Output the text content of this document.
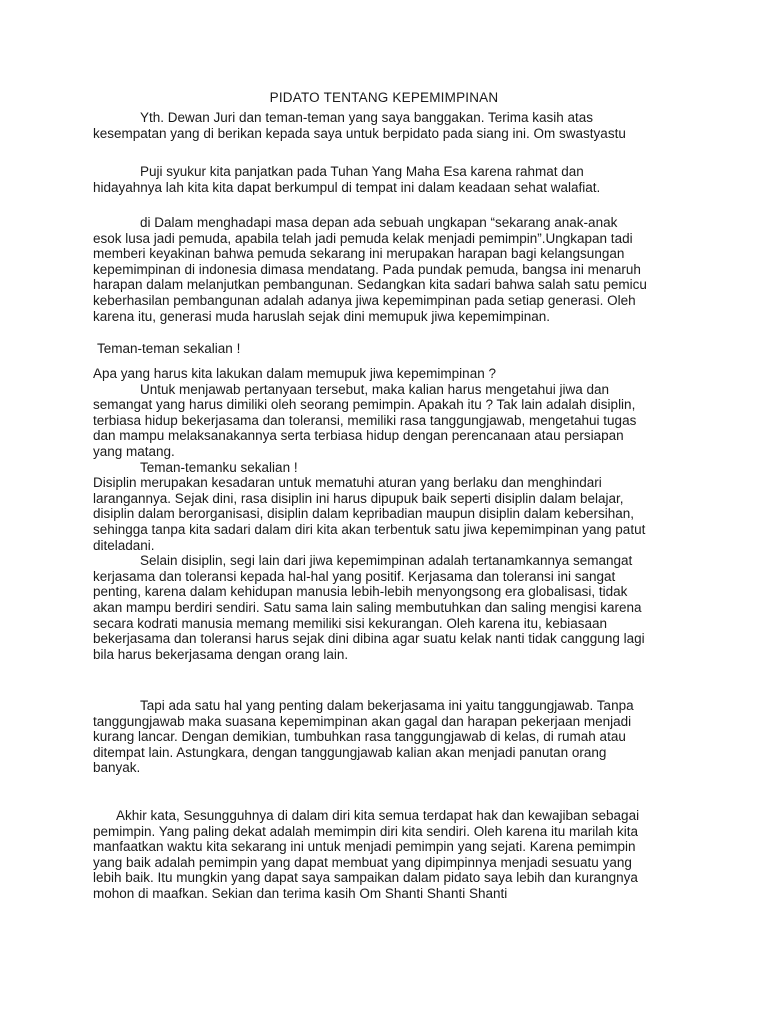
PIDATO TENTANG KEPEMIMPINAN
Yth. Dewan Juri dan teman-teman yang saya banggakan. Terima kasih atas
kesempatan yang di berikan kepada saya untuk berpidato pada siang ini. Om swastyastu
Puji syukur kita panjatkan pada Tuhan Yang Maha Esa karena rahmat dan
hidayahnya lah kita kita dapat berkumpul di tempat ini dalam keadaan sehat walafiat.
di Dalam menghadapi masa depan ada sebuah ungkapan “sekarang anak-anak
esok lusa jadi pemuda, apabila telah jadi pemuda kelak menjadi pemimpin”.Ungkapan tadi
memberi keyakinan bahwa pemuda sekarang ini merupakan harapan bagi kelangsungan
kepemimpinan di indonesia dimasa mendatang. Pada pundak pemuda, bangsa ini menaruh
harapan dalam melanjutkan pembangunan. Sedangkan kita sadari bahwa salah satu pemicu
keberhasilan pembangunan adalah adanya jiwa kepemimpinan pada setiap generasi. Oleh
karena itu, generasi muda haruslah sejak dini memupuk jiwa kepemimpinan.
Teman-teman sekalian !
Apa yang harus kita lakukan dalam memupuk jiwa kepemimpinan ?
Untuk menjawab pertanyaan tersebut, maka kalian harus mengetahui jiwa dan
semangat yang harus dimiliki oleh seorang pemimpin. Apakah itu ? Tak lain adalah disiplin,
terbiasa hidup bekerjasama dan toleransi, memiliki rasa tanggungjawab, mengetahui tugas
dan mampu melaksanakannya serta terbiasa hidup dengan perencanaan atau persiapan
yang matang.
Teman-temanku sekalian !
Disiplin merupakan kesadaran untuk mematuhi aturan yang berlaku dan menghindari
larangannya. Sejak dini, rasa disiplin ini harus dipupuk baik seperti disiplin dalam belajar,
disiplin dalam berorganisasi, disiplin dalam kepribadian maupun disiplin dalam kebersihan,
sehingga tanpa kita sadari dalam diri kita akan terbentuk satu jiwa kepemimpinan yang patut
diteladani.
Selain disiplin, segi lain dari jiwa kepemimpinan adalah tertanamkannya semangat
kerjasama dan toleransi kepada hal-hal yang positif. Kerjasama dan toleransi ini sangat
penting, karena dalam kehidupan manusia lebih-lebih menyongsong era globalisasi, tidak
akan mampu berdiri sendiri. Satu sama lain saling membutuhkan dan saling mengisi karena
secara kodrati manusia memang memiliki sisi kekurangan. Oleh karena itu, kebiasaan
bekerjasama dan toleransi harus sejak dini dibina agar suatu kelak nanti tidak canggung lagi
bila harus bekerjasama dengan orang lain.
Tapi ada satu hal yang penting dalam bekerjasama ini yaitu tanggungjawab. Tanpa
tanggungjawab maka suasana kepemimpinan akan gagal dan harapan pekerjaan menjadi
kurang lancar. Dengan demikian, tumbuhkan rasa tanggungjawab di kelas, di rumah atau
ditempat lain. Astungkara, dengan tanggungjawab kalian akan menjadi panutan orang
banyak.
Akhir kata, Sesungguhnya di dalam diri kita semua terdapat hak dan kewajiban sebagai
pemimpin. Yang paling dekat adalah memimpin diri kita sendiri. Oleh karena itu marilah kita
manfaatkan waktu kita sekarang ini untuk menjadi pemimpin yang sejati. Karena pemimpin
yang baik adalah pemimpin yang dapat membuat yang dipimpinnya menjadi sesuatu yang
lebih baik. Itu mungkin yang dapat saya sampaikan dalam pidato saya lebih dan kurangnya
mohon di maafkan. Sekian dan terima kasih Om Shanti Shanti Shanti
